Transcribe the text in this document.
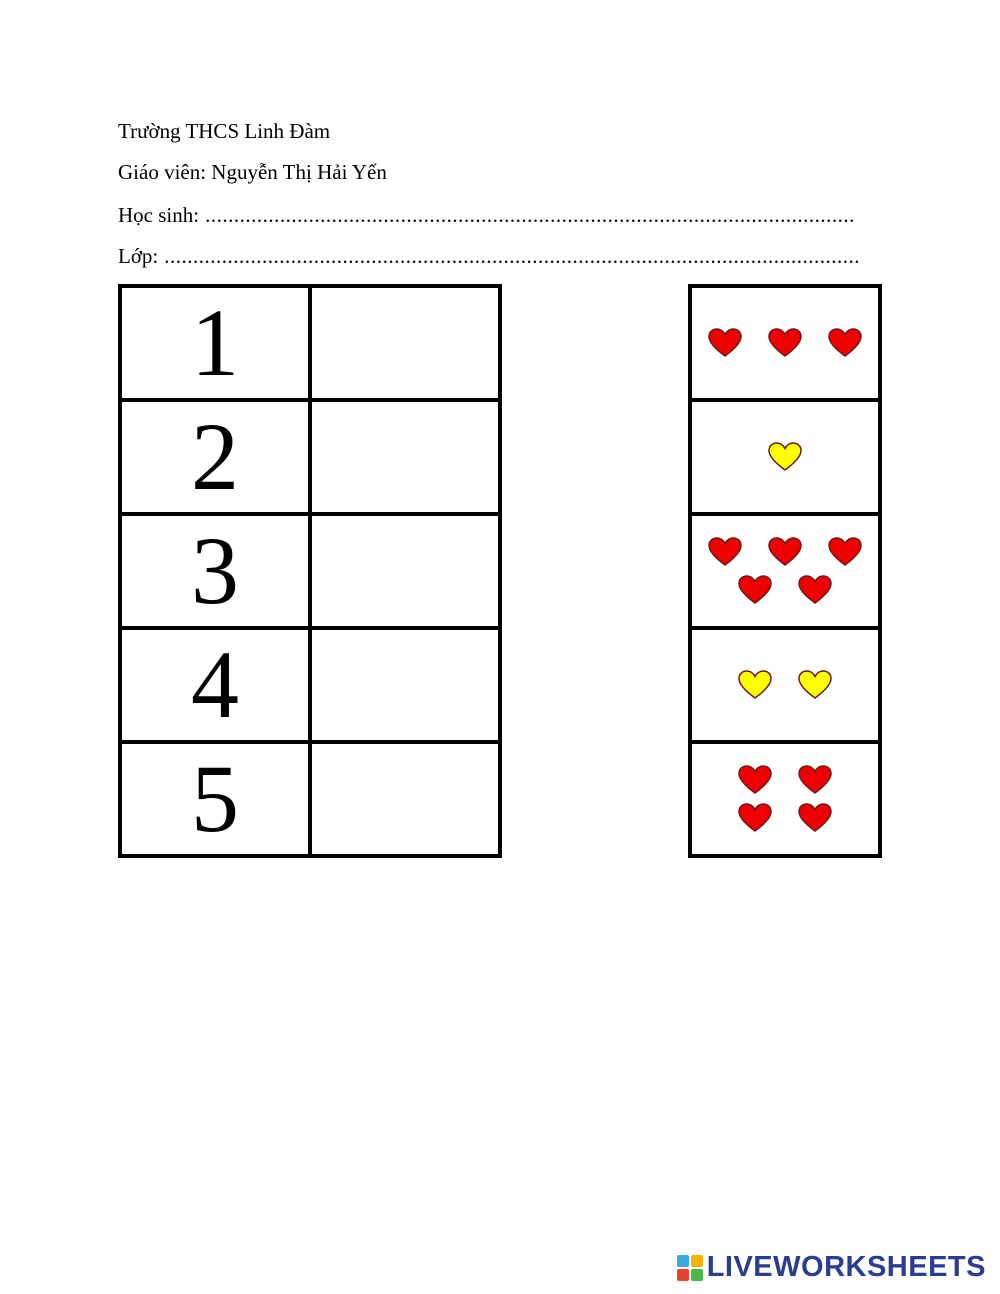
Trường THCS Linh Đàm
Giáo viên: Nguyễn Thị Hải Yến
Học sinh: .................................................................................................................
Lớp: .........................................................................................................................
1	
2	
3	
4	
5	

LIVEWORKSHEETS
